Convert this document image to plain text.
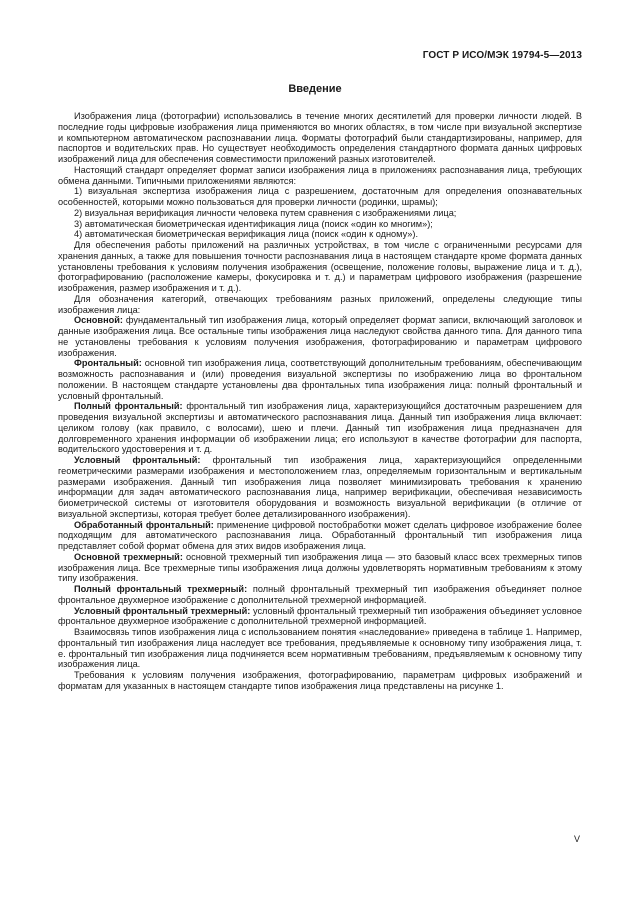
ГОСТ Р ИСО/МЭК 19794-5—2013
Введение

Изображения лица (фотографии) использовались в течение многих десятилетий для проверки личности людей. В последние годы цифровые изображения лица применяются во многих областях, в том числе при визуальной экспертизе и компьютерном автоматическом распознавании лица. Форматы фотографий были стандартизированы, например, для паспортов и водительских прав. Но существует необходимость определения стандартного формата данных цифровых изображений лица для обеспечения совместимости приложений разных изготовителей.

Настоящий стандарт определяет формат записи изображения лица в приложениях распознавания лица, требующих обмена данными. Типичными приложениями являются:

1) визуальная экспертиза изображения лица с разрешением, достаточным для определения опознавательных особенностей, которыми можно пользоваться для проверки личности (родинки, шрамы);

2) визуальная верификация личности человека путем сравнения с изображениями лица;

3) автоматическая биометрическая идентификация лица (поиск «один ко многим»);

4) автоматическая биометрическая верификация лица (поиск «один к одному»).

Для обеспечения работы приложений на различных устройствах, в том числе с ограниченными ресурсами для хранения данных, а также для повышения точности распознавания лица в настоящем стандарте кроме формата данных установлены требования к условиям получения изображения (освещение, положение головы, выражение лица и т. д.), фотографированию (расположение камеры, фокусировка и т. д.) и параметрам цифрового изображения (разрешение изображения, размер изображения и т. д.).

Для обозначения категорий, отвечающих требованиям разных приложений, определены следующие типы изображения лица:

Основной: фундаментальный тип изображения лица, который определяет формат записи, включающий заголовок и данные изображения лица. Все остальные типы изображения лица наследуют свойства данного типа. Для данного типа не установлены требования к условиям получения изображения, фотографированию и параметрам цифрового изображения.

Фронтальный: основной тип изображения лица, соответствующий дополнительным требованиям, обеспечивающим возможность распознавания и (или) проведения визуальной экспертизы по изображению лица во фронтальном положении. В настоящем стандарте установлены два фронтальных типа изображения лица: полный фронтальный и условный фронтальный.

Полный фронтальный: фронтальный тип изображения лица, характеризующийся достаточным разрешением для проведения визуальной экспертизы и автоматического распознавания лица. Данный тип изображения лица включает: целиком голову (как правило, с волосами), шею и плечи. Данный тип изображения лица предназначен для долговременного хранения информации об изображении лица; его используют в качестве фотографии для паспорта, водительского удостоверения и т. д.

Условный фронтальный: фронтальный тип изображения лица, характеризующийся определенными геометрическими размерами изображения и местоположением глаз, определяемым горизонтальным и вертикальным размерами изображения. Данный тип изображения лица позволяет минимизировать требования к хранению информации для задач автоматического распознавания лица, например верификации, обеспечивая независимость биометрической системы от изготовителя оборудования и возможность визуальной верификации (в отличие от визуальной экспертизы, которая требует более детализированного изображения).

Обработанный фронтальный: применение цифровой постобработки может сделать цифровое изображение более подходящим для автоматического распознавания лица. Обработанный фронтальный тип изображения лица представляет собой формат обмена для этих видов изображения лица.

Основной трехмерный: основной трехмерный тип изображения лица — это базовый класс всех трехмерных типов изображения лица. Все трехмерные типы изображения лица должны удовлетворять нормативным требованиям к этому типу изображения.

Полный фронтальный трехмерный: полный фронтальный трехмерный тип изображения объединяет полное фронтальное двухмерное изображение с дополнительной трехмерной информацией.

Условный фронтальный трехмерный: условный фронтальный трехмерный тип изображения объединяет условное фронтальное двухмерное изображение с дополнительной трехмерной информацией.

Взаимосвязь типов изображения лица с использованием понятия «наследование» приведена в таблице 1. Например, фронтальный тип изображения лица наследует все требования, предъявляемые к основному типу изображения лица, т. е. фронтальный тип изображения лица подчиняется всем нормативным требованиям, предъявляемым к основному типу изображения лица.

Требования к условиям получения изображения, фотографированию, параметрам цифровых изображений и форматам для указанных в настоящем стандарте типов изображения лица представлены на рисунке 1.

V
